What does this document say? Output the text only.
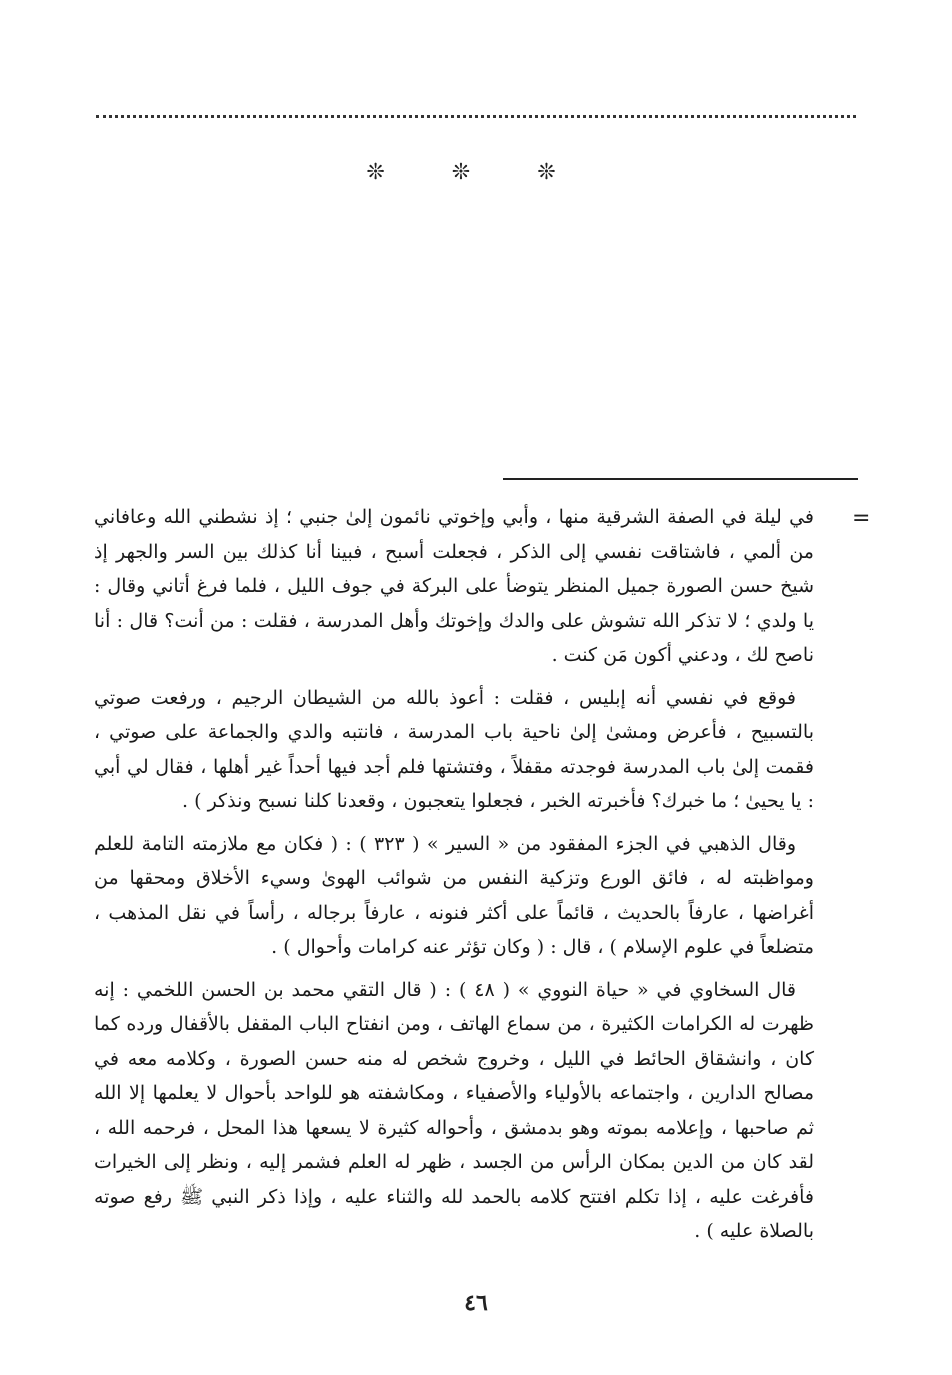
❊ ❊ ❊
=

في ليلة في الصفة الشرقية منها ، وأبي وإخوتي نائمون إلىٰ جنبي ؛ إذ نشطني الله وعافاني من ألمي ، فاشتاقت نفسي إلى الذكر ، فجعلت أسبح ، فبينا أنا كذلك بين السر والجهر إذ شيخ حسن الصورة جميل المنظر يتوضأ على البركة في جوف الليل ، فلما فرغ أتاني وقال : يا ولدي ؛ لا تذكر الله تشوش على والدك وإخوتك وأهل المدرسة ، فقلت : من أنت؟ قال : أنا ناصح لك ، ودعني أكون مَن كنت .

فوقع في نفسي أنه إبليس ، فقلت : أعوذ بالله من الشيطان الرجيم ، ورفعت صوتي بالتسبيح ، فأعرض ومشىٰ إلىٰ ناحية باب المدرسة ، فانتبه والدي والجماعة على صوتي ، فقمت إلىٰ باب المدرسة فوجدته مقفلاً ، وفتشتها فلم أجد فيها أحداً غير أهلها ، فقال لي أبي : يا يحيىٰ ؛ ما خبرك؟ فأخبرته الخبر ، فجعلوا يتعجبون ، وقعدنا كلنا نسبح ونذكر ) .

وقال الذهبي في الجزء المفقود من « السير » ( ٣٢٣ ) : ( فكان مع ملازمته التامة للعلم ومواظبته له ، فائق الورع وتزكية النفس من شوائب الهوىٰ وسيء الأخلاق ومحقها من أغراضها ، عارفاً بالحديث ، قائماً على أكثر فنونه ، عارفاً برجاله ، رأساً في نقل المذهب ، متضلعاً في علوم الإسلام ) ، قال : ( وكان تؤثر عنه كرامات وأحوال ) .

قال السخاوي في « حياة النووي » ( ٤٨ ) : ( قال التقي محمد بن الحسن اللخمي : إنه ظهرت له الكرامات الكثيرة ، من سماع الهاتف ، ومن انفتاح الباب المقفل بالأقفال ورده كما كان ، وانشقاق الحائط في الليل ، وخروج شخص له منه حسن الصورة ، وكلامه معه في مصالح الدارين ، واجتماعه بالأولياء والأصفياء ، ومكاشفته هو للواحد بأحوال لا يعلمها إلا الله ثم صاحبها ، وإعلامه بموته وهو بدمشق ، وأحواله كثيرة لا يسعها هذا المحل ، فرحمه الله ، لقد كان من الدين بمكان الرأس من الجسد ، ظهر له العلم فشمر إليه ، ونظر إلى الخيرات فأفرغت عليه ، إذا تكلم افتتح كلامه بالحمد لله والثناء عليه ، وإذا ذكر النبي ﷺ رفع صوته بالصلاة عليه ) .

٤٦
